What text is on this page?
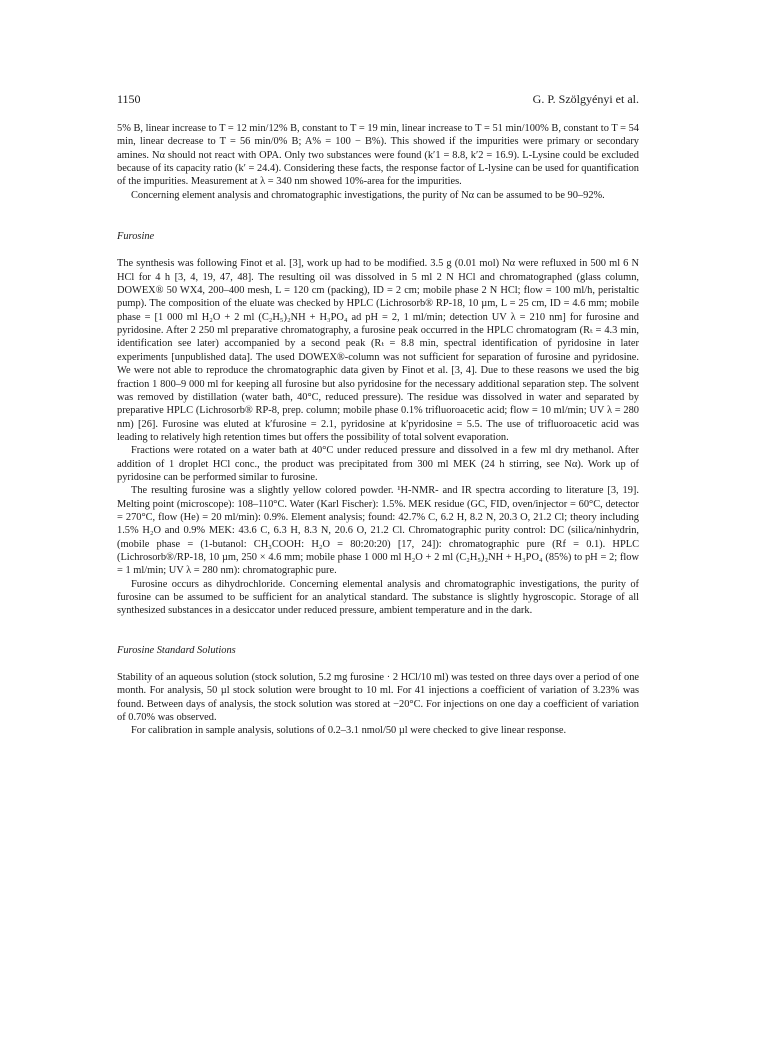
1150	G. P. Szölgyényi et al.

5% B, linear increase to T = 12 min/12% B, constant to T = 19 min, linear increase to T = 51 min/100% B, constant to T = 54 min, linear decrease to T = 56 min/0% B; A% = 100 − B%). This showed if the impurities were primary or secondary amines. Nα should not react with OPA. Only two substances were found (k′1 = 8.8, k′2 = 16.9). L-Lysine could be excluded because of its capacity ratio (k′ = 24.4). Considering these facts, the response factor of L-lysine can be used for quantification of the impurities. Measurement at λ = 340 nm showed 10%-area for the impurities.

Concerning element analysis and chromatographic investigations, the purity of Nα can be assumed to be 90–92%.

Furosine

The synthesis was following Finot et al. [3], work up had to be modified. 3.5 g (0.01 mol) Nα were refluxed in 500 ml 6 N HCl for 4 h [3, 4, 19, 47, 48]. The resulting oil was dissolved in 5 ml 2 N HCl and chromatographed (glass column, DOWEX® 50 WX4, 200–400 mesh, L = 120 cm (packing), ID = 2 cm; mobile phase 2 N HCl; flow = 100 ml/h, peristaltic pump). The composition of the eluate was checked by HPLC (Lichrosorb® RP-18, 10 µm, L = 25 cm, ID = 4.6 mm; mobile phase = [1 000 ml H₂O + 2 ml (C₂H₅)₂NH + H₃PO₄ ad pH = 2, 1 ml/min; detection UV λ = 210 nm] for furosine and pyridosine. After 2 250 ml preparative chromatography, a furosine peak occurred in the HPLC chromatogram (Rₜ = 4.3 min, identification see later) accompanied by a second peak (Rₜ = 8.8 min, spectral identification of pyridosine in later experiments [unpublished data]. The used DOWEX®-column was not sufficient for separation of furosine and pyridosine. We were not able to reproduce the chromatographic data given by Finot et al. [3, 4]. Due to these reasons we used the big fraction 1 800–9 000 ml for keeping all furosine but also pyridosine for the necessary additional separation step. The solvent was removed by distillation (water bath, 40°C, reduced pressure). The residue was dissolved in water and separated by preparative HPLC (Lichrosorb® RP-8, prep. column; mobile phase 0.1% trifluoroacetic acid; flow = 10 ml/min; UV λ = 280 nm) [26]. Furosine was eluted at k′furosine = 2.1, pyridosine at k′pyridosine = 5.5. The use of trifluoroacetic acid was leading to relatively high retention times but offers the possibility of total solvent evaporation.

Fractions were rotated on a water bath at 40°C under reduced pressure and dissolved in a few ml dry methanol. After addition of 1 droplet HCl conc., the product was precipitated from 300 ml MEK (24 h stirring, see Nα). Work up of pyridosine can be performed similar to furosine.

The resulting furosine was a slightly yellow colored powder. ¹H-NMR- and IR spectra according to literature [3, 19]. Melting point (microscope): 108–110°C. Water (Karl Fischer): 1.5%. MEK residue (GC, FID, oven/injector = 60°C, detector = 270°C, flow (He) = 20 ml/min): 0.9%. Element analysis; found: 42.7% C, 6.2 H, 8.2 N, 20.3 O, 21.2 Cl; theory including 1.5% H₂O and 0.9% MEK: 43.6 C, 6.3 H, 8.3 N, 20.6 O, 21.2 Cl. Chromatographic purity control: DC (silica/ninhydrin, (mobile phase = (1-butanol: CH₃COOH: H₂O = 80:20:20) [17, 24]): chromatographic pure (Rf = 0.1). HPLC (Lichrosorb®/RP-18, 10 µm, 250 × 4.6 mm; mobile phase 1 000 ml H₂O + 2 ml (C₂H₅)₂NH + H₃PO₄ (85%) to pH = 2; flow = 1 ml/min; UV λ = 280 nm): chromatographic pure.

Furosine occurs as dihydrochloride. Concerning elemental analysis and chromatographic investigations, the purity of furosine can be assumed to be sufficient for an analytical standard. The substance is slightly hygroscopic. Storage of all synthesized substances in a desiccator under reduced pressure, ambient temperature and in the dark.

Furosine Standard Solutions

Stability of an aqueous solution (stock solution, 5.2 mg furosine · 2 HCl/10 ml) was tested on three days over a period of one month. For analysis, 50 µl stock solution were brought to 10 ml. For 41 injections a coefficient of variation of 3.23% was found. Between days of analysis, the stock solution was stored at −20°C. For injections on one day a coefficient of variation of 0.70% was observed.

For calibration in sample analysis, solutions of 0.2–3.1 nmol/50 µl were checked to give linear response.
